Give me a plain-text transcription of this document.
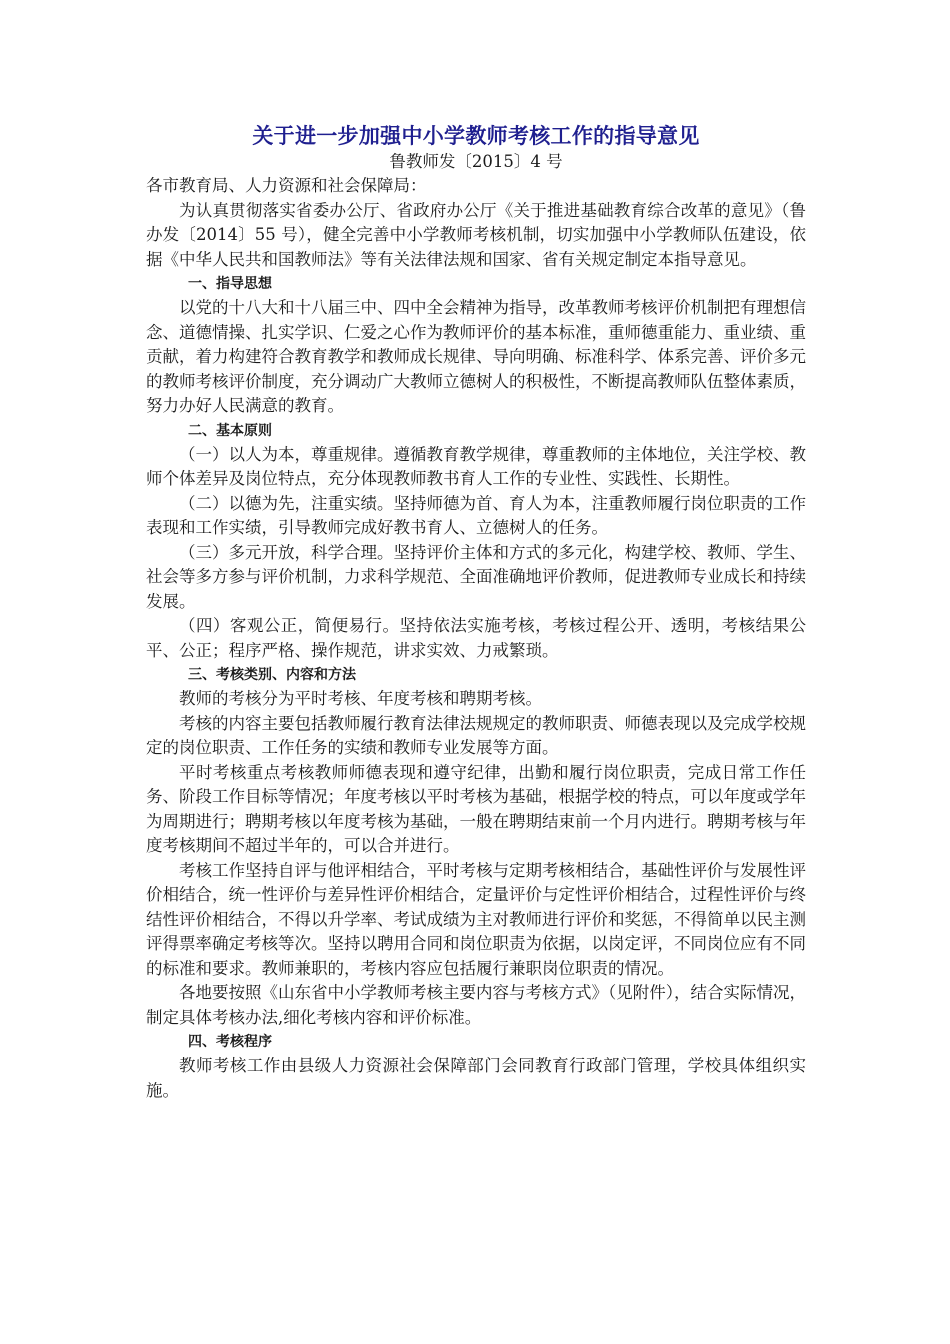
关于进一步加强中小学教师考核工作的指导意见

鲁教师发〔2015〕4 号

各市教育局、人力资源和社会保障局：

为认真贯彻落实省委办公厅、省政府办公厅《关于推进基础教育综合改革的意见》（鲁办发〔2014〕55 号），健全完善中小学教师考核机制，切实加强中小学教师队伍建设，依据《中华人民共和国教师法》等有关法律法规和国家、省有关规定制定本指导意见。

一、指导思想

以党的十八大和十八届三中、四中全会精神为指导，改革教师考核评价机制把有理想信念、道德情操、扎实学识、仁爱之心作为教师评价的基本标准，重师德重能力、重业绩、重贡献，着力构建符合教育教学和教师成长规律、导向明确、标准科学、体系完善、评价多元的教师考核评价制度，充分调动广大教师立德树人的积极性，不断提高教师队伍整体素质，努力办好人民满意的教育。

二、基本原则

（一）以人为本，尊重规律。遵循教育教学规律，尊重教师的主体地位，关注学校、教师个体差异及岗位特点，充分体现教师教书育人工作的专业性、实践性、长期性。

（二）以德为先，注重实绩。坚持师德为首、育人为本，注重教师履行岗位职责的工作表现和工作实绩，引导教师完成好教书育人、立德树人的任务。

（三）多元开放，科学合理。坚持评价主体和方式的多元化，构建学校、教师、学生、社会等多方参与评价机制，力求科学规范、全面准确地评价教师，促进教师专业成长和持续发展。

（四）客观公正，简便易行。坚持依法实施考核，考核过程公开、透明，考核结果公平、公正；程序严格、操作规范，讲求实效、力戒繁琐。

三、考核类别、内容和方法

教师的考核分为平时考核、年度考核和聘期考核。

考核的内容主要包括教师履行教育法律法规规定的教师职责、师德表现以及完成学校规定的岗位职责、工作任务的实绩和教师专业发展等方面。

平时考核重点考核教师师德表现和遵守纪律，出勤和履行岗位职责，完成日常工作任务、阶段工作目标等情况；年度考核以平时考核为基础，根据学校的特点，可以年度或学年为周期进行；聘期考核以年度考核为基础，一般在聘期结束前一个月内进行。聘期考核与年度考核期间不超过半年的，可以合并进行。

考核工作坚持自评与他评相结合，平时考核与定期考核相结合，基础性评价与发展性评价相结合，统一性评价与差异性评价相结合，定量评价与定性评价相结合，过程性评价与终结性评价相结合，不得以升学率、考试成绩为主对教师进行评价和奖惩，不得简单以民主测评得票率确定考核等次。坚持以聘用合同和岗位职责为依据，以岗定评，不同岗位应有不同的标准和要求。教师兼职的，考核内容应包括履行兼职岗位职责的情况。

各地要按照《山东省中小学教师考核主要内容与考核方式》（见附件），结合实际情况，制定具体考核办法,细化考核内容和评价标准。

四、考核程序

教师考核工作由县级人力资源社会保障部门会同教育行政部门管理，学校具体组织实施。
